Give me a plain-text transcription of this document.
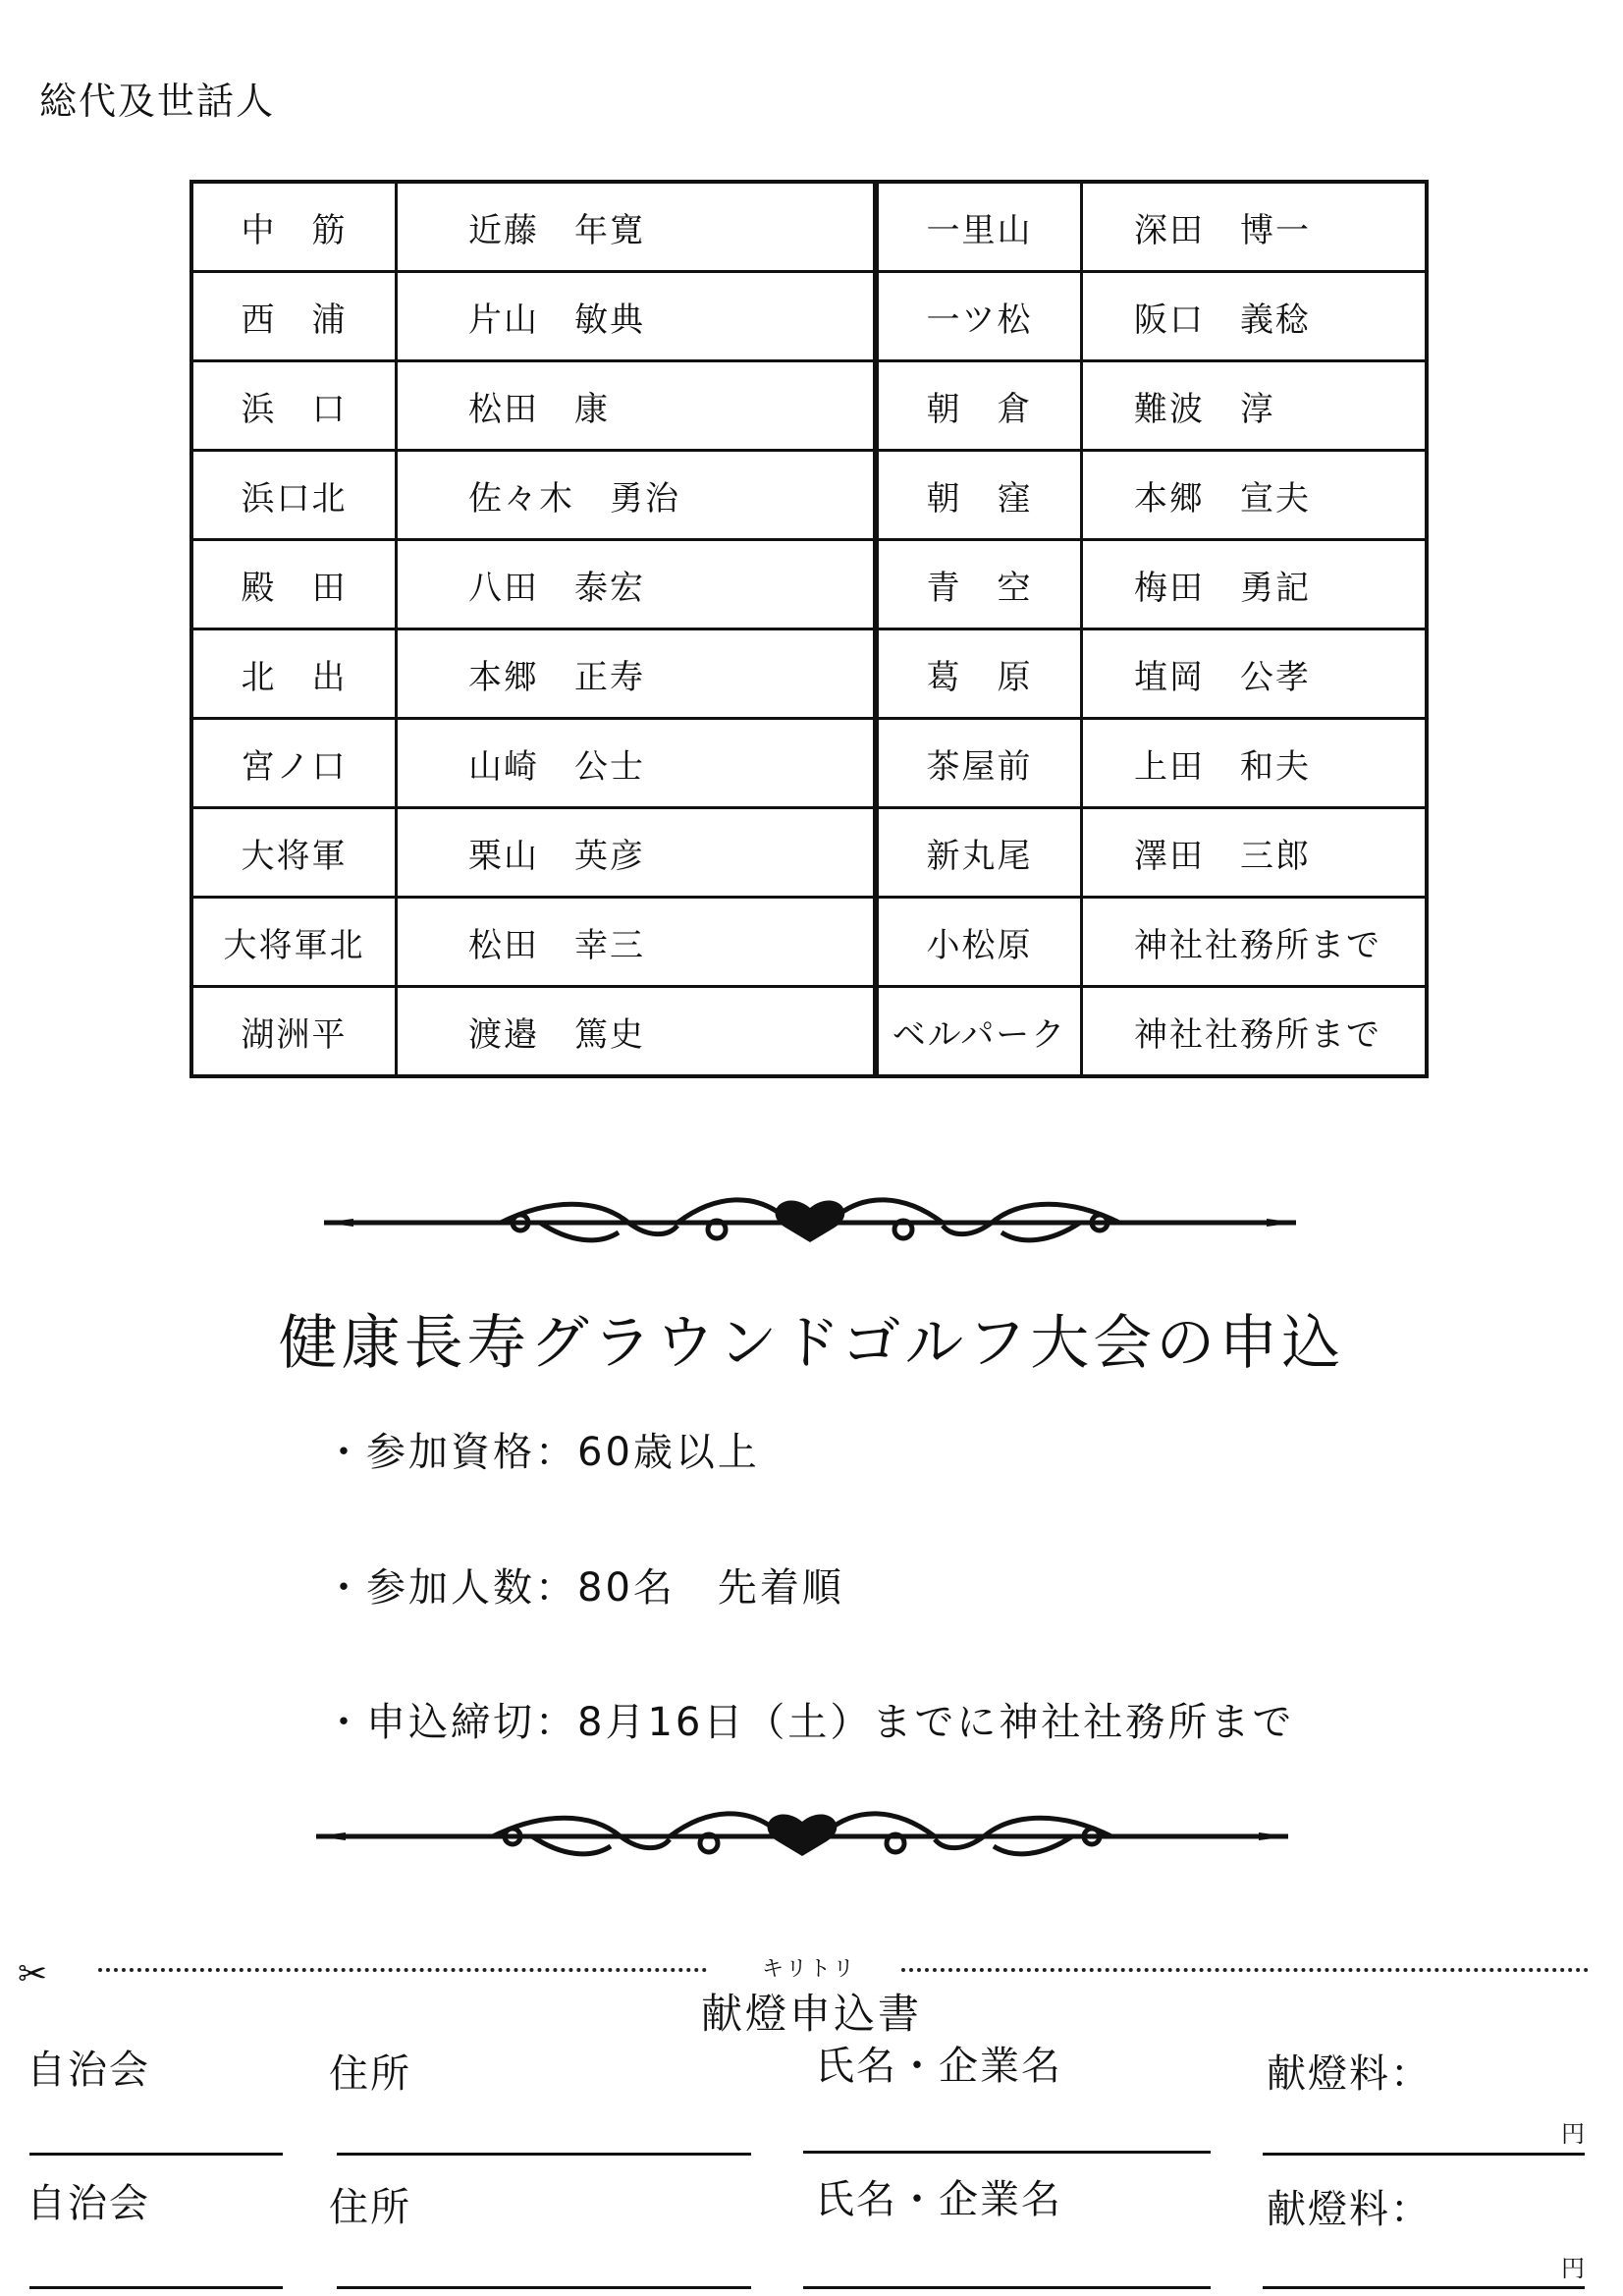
総代及世話人
中　筋	近藤　年寛	一里山	深田　博一
西　浦	片山　敏典	一ツ松	阪口　義稔
浜　口	松田　康	朝　倉	難波　淳
浜口北	佐々木　勇治	朝　窪	本郷　宣夫
殿　田	八田　泰宏	青　空	梅田　勇記
北　出	本郷　正寿	葛　原	埴岡　公孝
宮ノ口	山崎　公士	茶屋前	上田　和夫
大将軍	栗山　英彦	新丸尾	澤田　三郎
大将軍北	松田　幸三	小松原	神社社務所まで
湖洲平	渡邉　篤史	ベルパーク	神社社務所まで
健康長寿グラウンドゴルフ大会の申込
・参加資格：60歳以上
・参加人数：80名　先着順
・申込締切：8月16日（土）までに神社社務所まで
✂	キリトリ
献燈申込書
自治会	住所	氏名・企業名	献燈料：
円
自治会	住所	氏名・企業名	献燈料：
円
